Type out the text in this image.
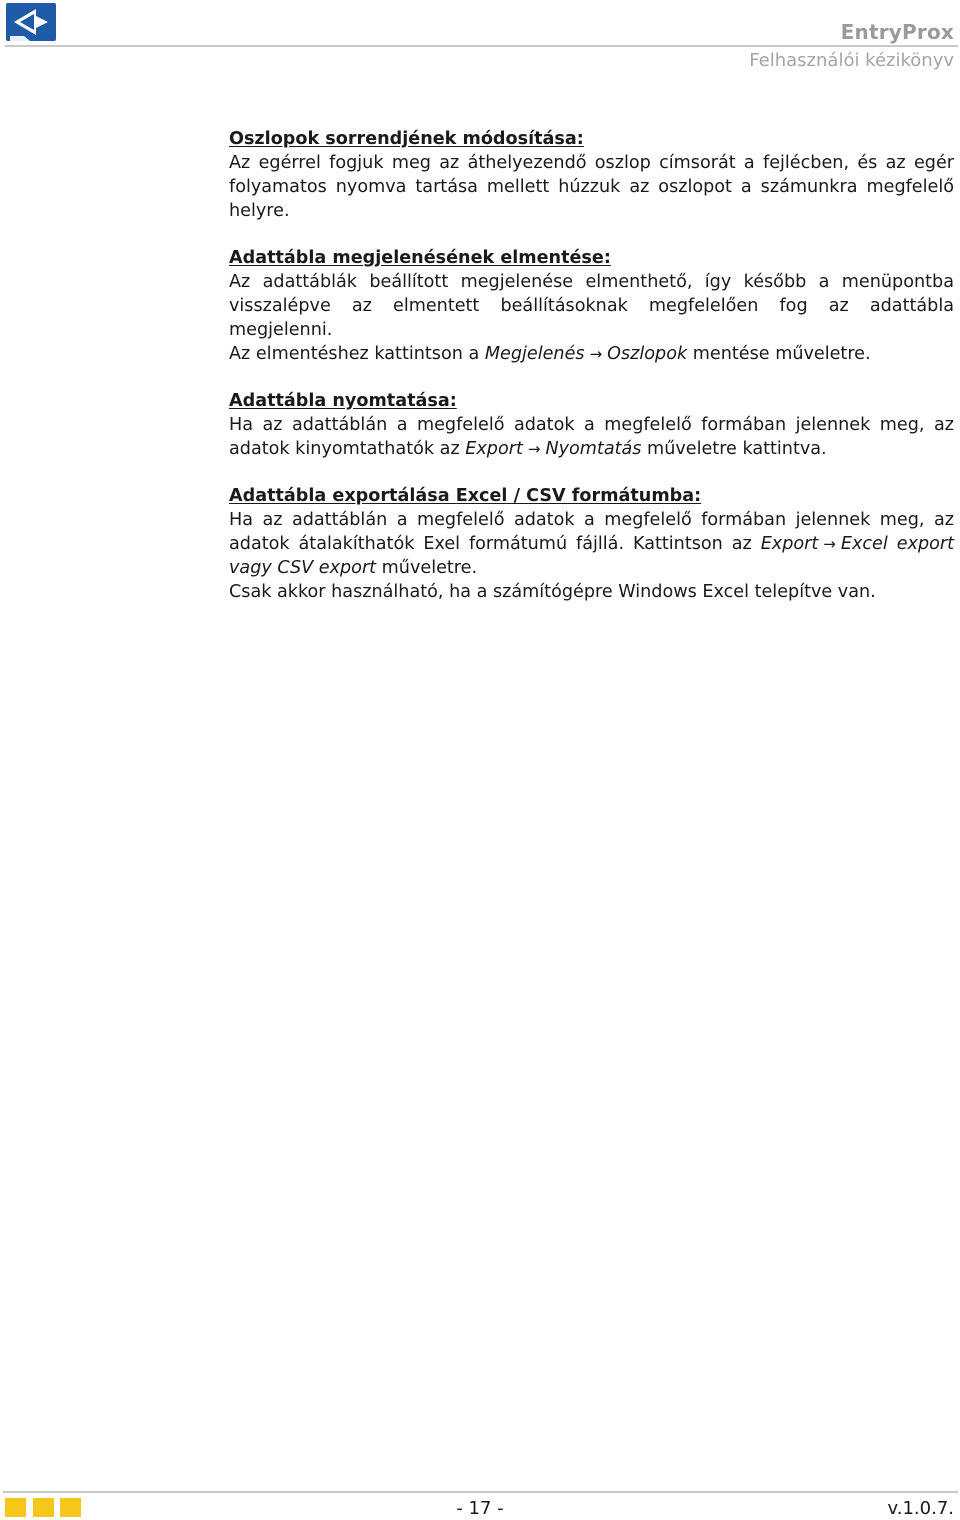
EntryProx
Felhasználói kézikönyv

Oszlopok sorrendjének módosítása:

Az egérrel fogjuk meg az áthelyezendő oszlop címsorát a fejlécben, és az egér folyamatos nyomva tartása mellett húzzuk az oszlopot a számunkra megfelelő helyre.

Adattábla megjelenésének elmentése:

Az adattáblák beállított megjelenése elmenthető, így később a menüpontba visszalépve az elmentett beállításoknak megfelelően fog az adattábla megjelenni.

Az elmentéshez kattintson a Megjelenés → Oszlopok mentése műveletre.

Adattábla nyomtatása:

Ha az adattáblán a megfelelő adatok a megfelelő formában jelennek meg, az adatok kinyomtathatók az Export → Nyomtatás műveletre kattintva.

Adattábla exportálása Excel / CSV formátumba:

Ha az adattáblán a megfelelő adatok a megfelelő formában jelennek meg, az adatok átalakíthatók Exel formátumú fájllá. Kattintson az Export → Excel export vagy CSV export műveletre.

Csak akkor használható, ha a számítógépre Windows Excel telepítve van.

- 17 -	v.1.0.7.
